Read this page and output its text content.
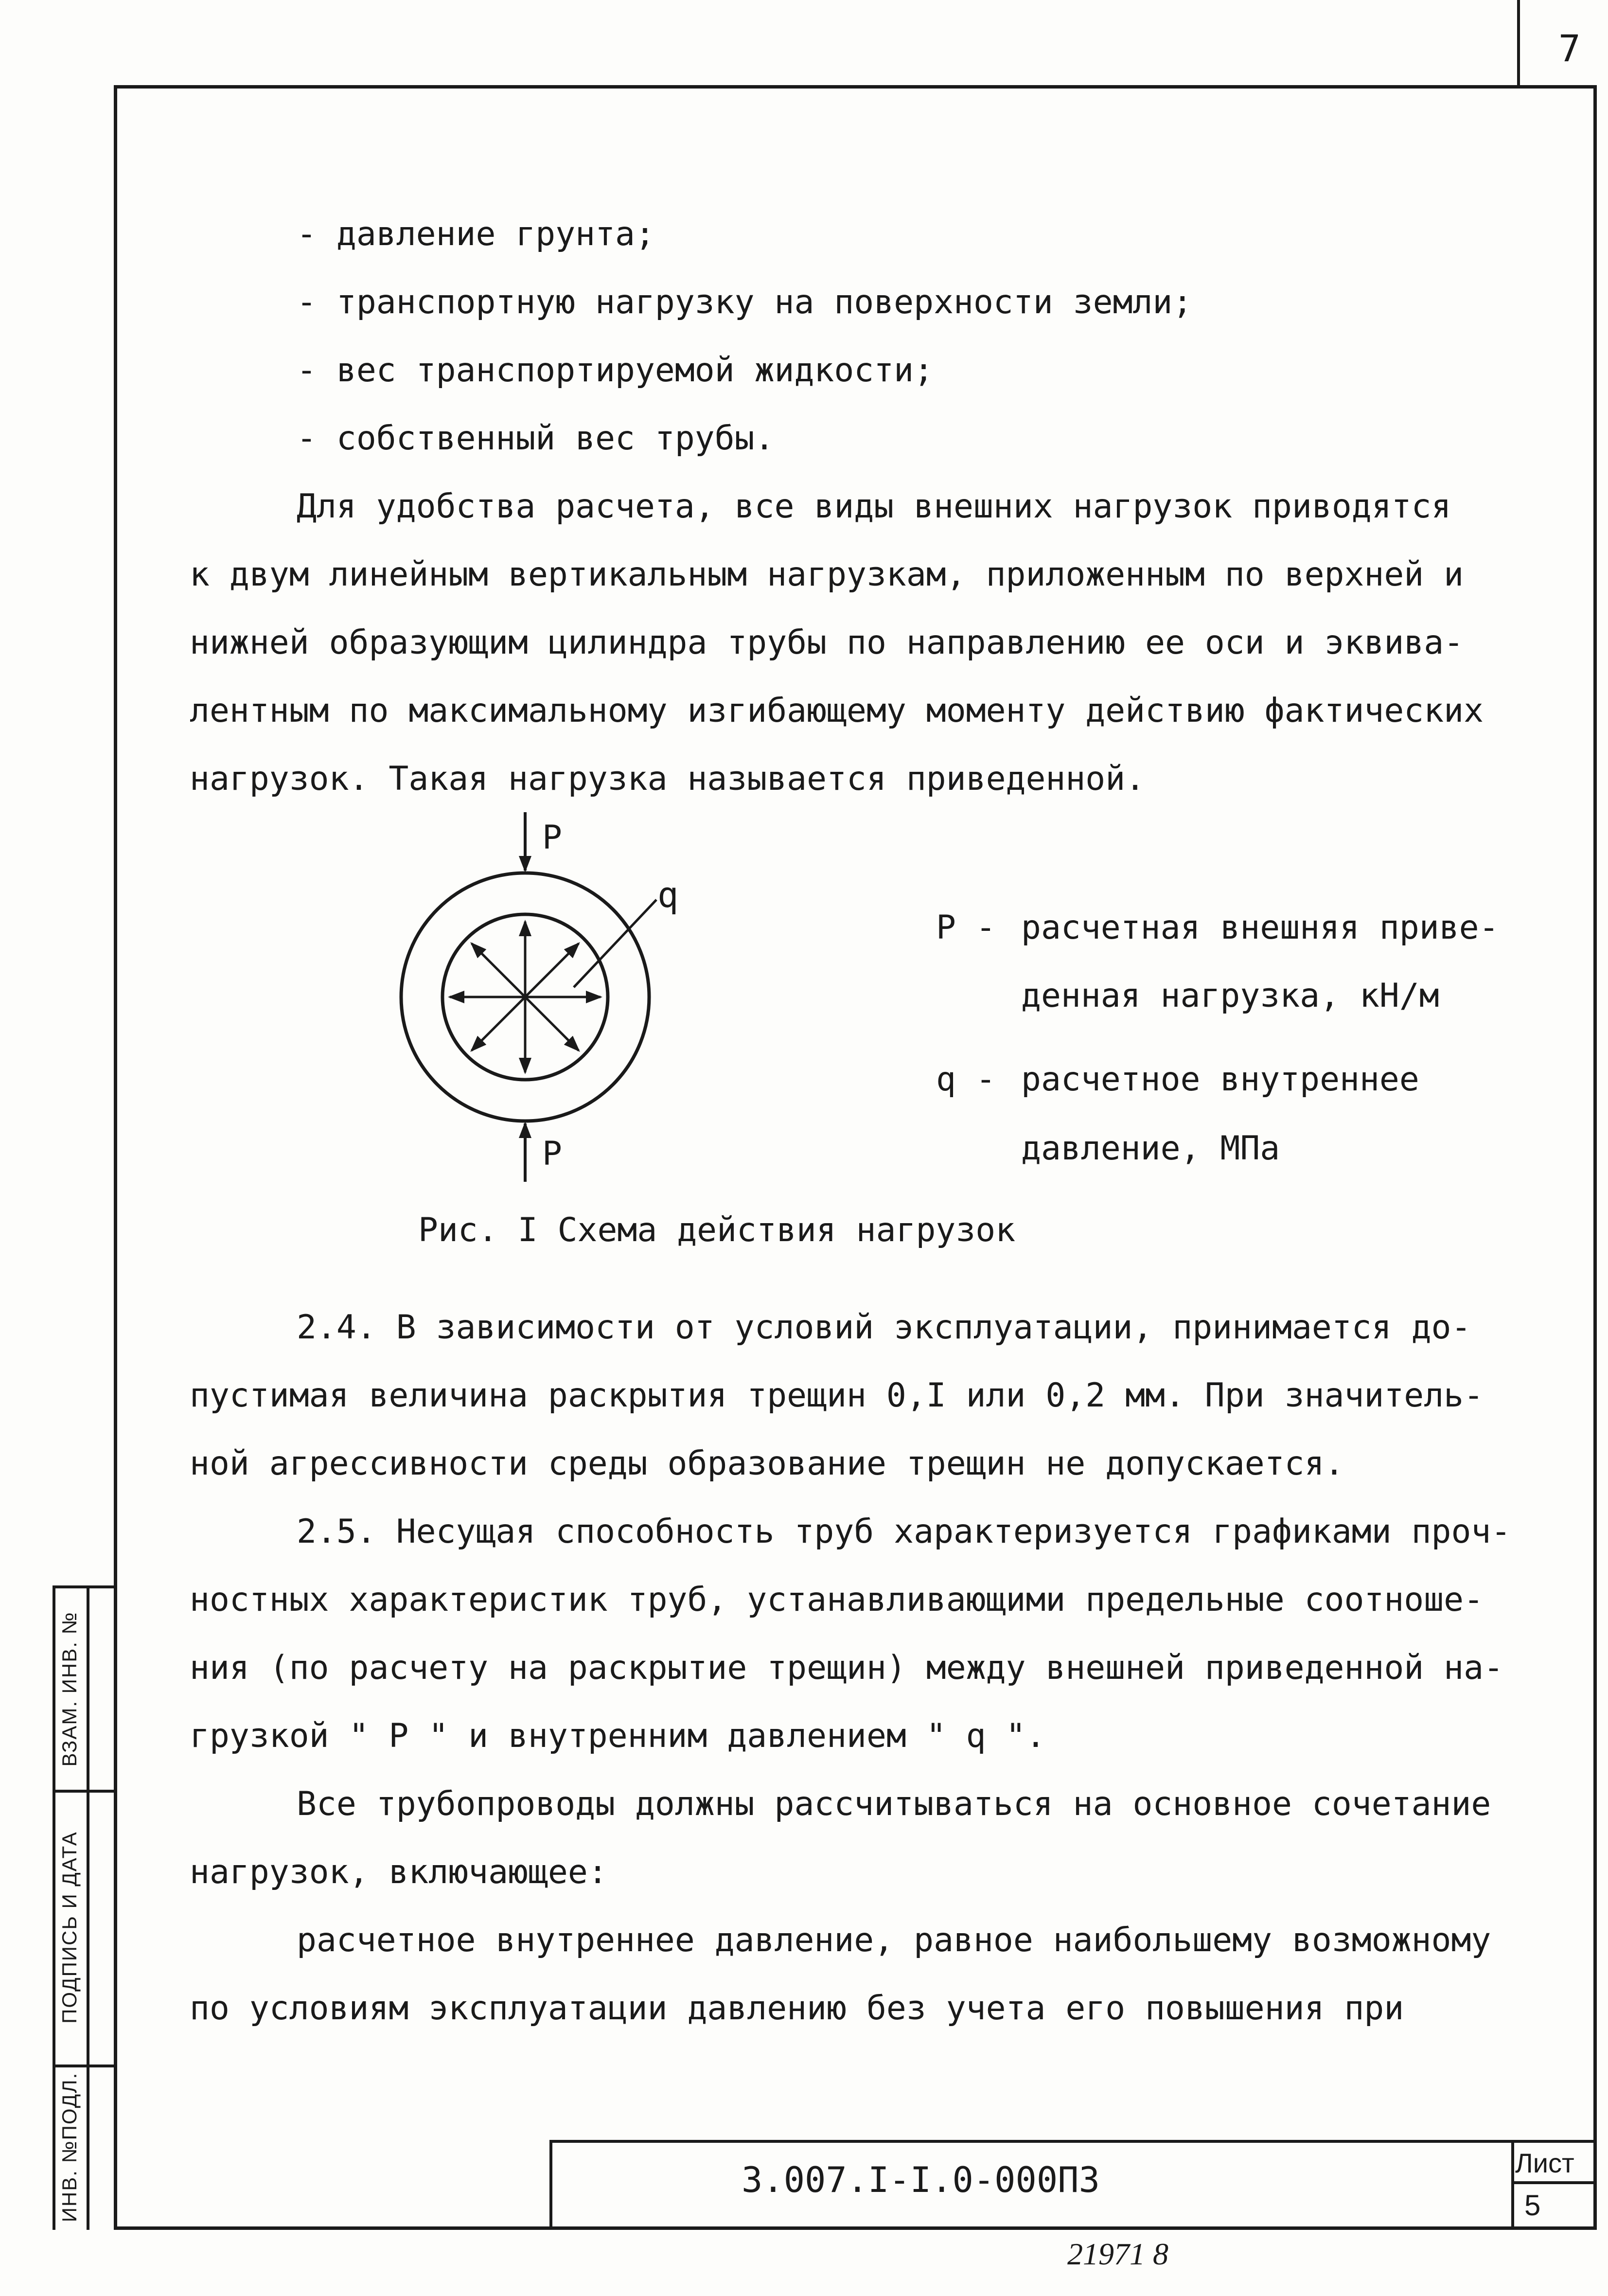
7

- давление грунта;

- транспортную нагрузку на поверхности земли;

- вес транспортируемой жидкости;

- собственный вес трубы.

Для удобства расчета, все виды внешних нагрузок приводятся

к двум линейным вертикальным нагрузкам, приложенным по верхней и

нижней образующим цилиндра трубы по направлению ее оси и эквива-

лентным по максимальному изгибающему моменту действию фактических

нагрузок. Такая нагрузка называется приведенной.

P
P
q
P - расчетная внешняя приве-
денная нагрузка, кН/м
q - расчетное внутреннее
давление, МПа
Рис. I Схема действия нагрузок

2.4. В зависимости от условий эксплуатации, принимается до-

пустимая величина раскрытия трещин 0,I или 0,2 мм. При значитель-

ной агрессивности среды образование трещин не допускается.

2.5. Несущая способность труб характеризуется графиками проч-

ностных характеристик труб, устанавливающими предельные соотноше-

ния (по расчету на раскрытие трещин) между внешней приведенной на-

грузкой " P " и внутренним давлением " q ".

Все трубопроводы должны рассчитываться на основное сочетание

нагрузок, включающее:

расчетное внутреннее давление, равное наибольшему возможному

по условиям эксплуатации давлению без учета его повышения при

ВЗАМ. ИНВ. №
ПОДПИСЬ И ДАТА
ИНВ. №ПОДЛ.	3.007.I-I.0-000ПЗ	Лист
5
21971 8
